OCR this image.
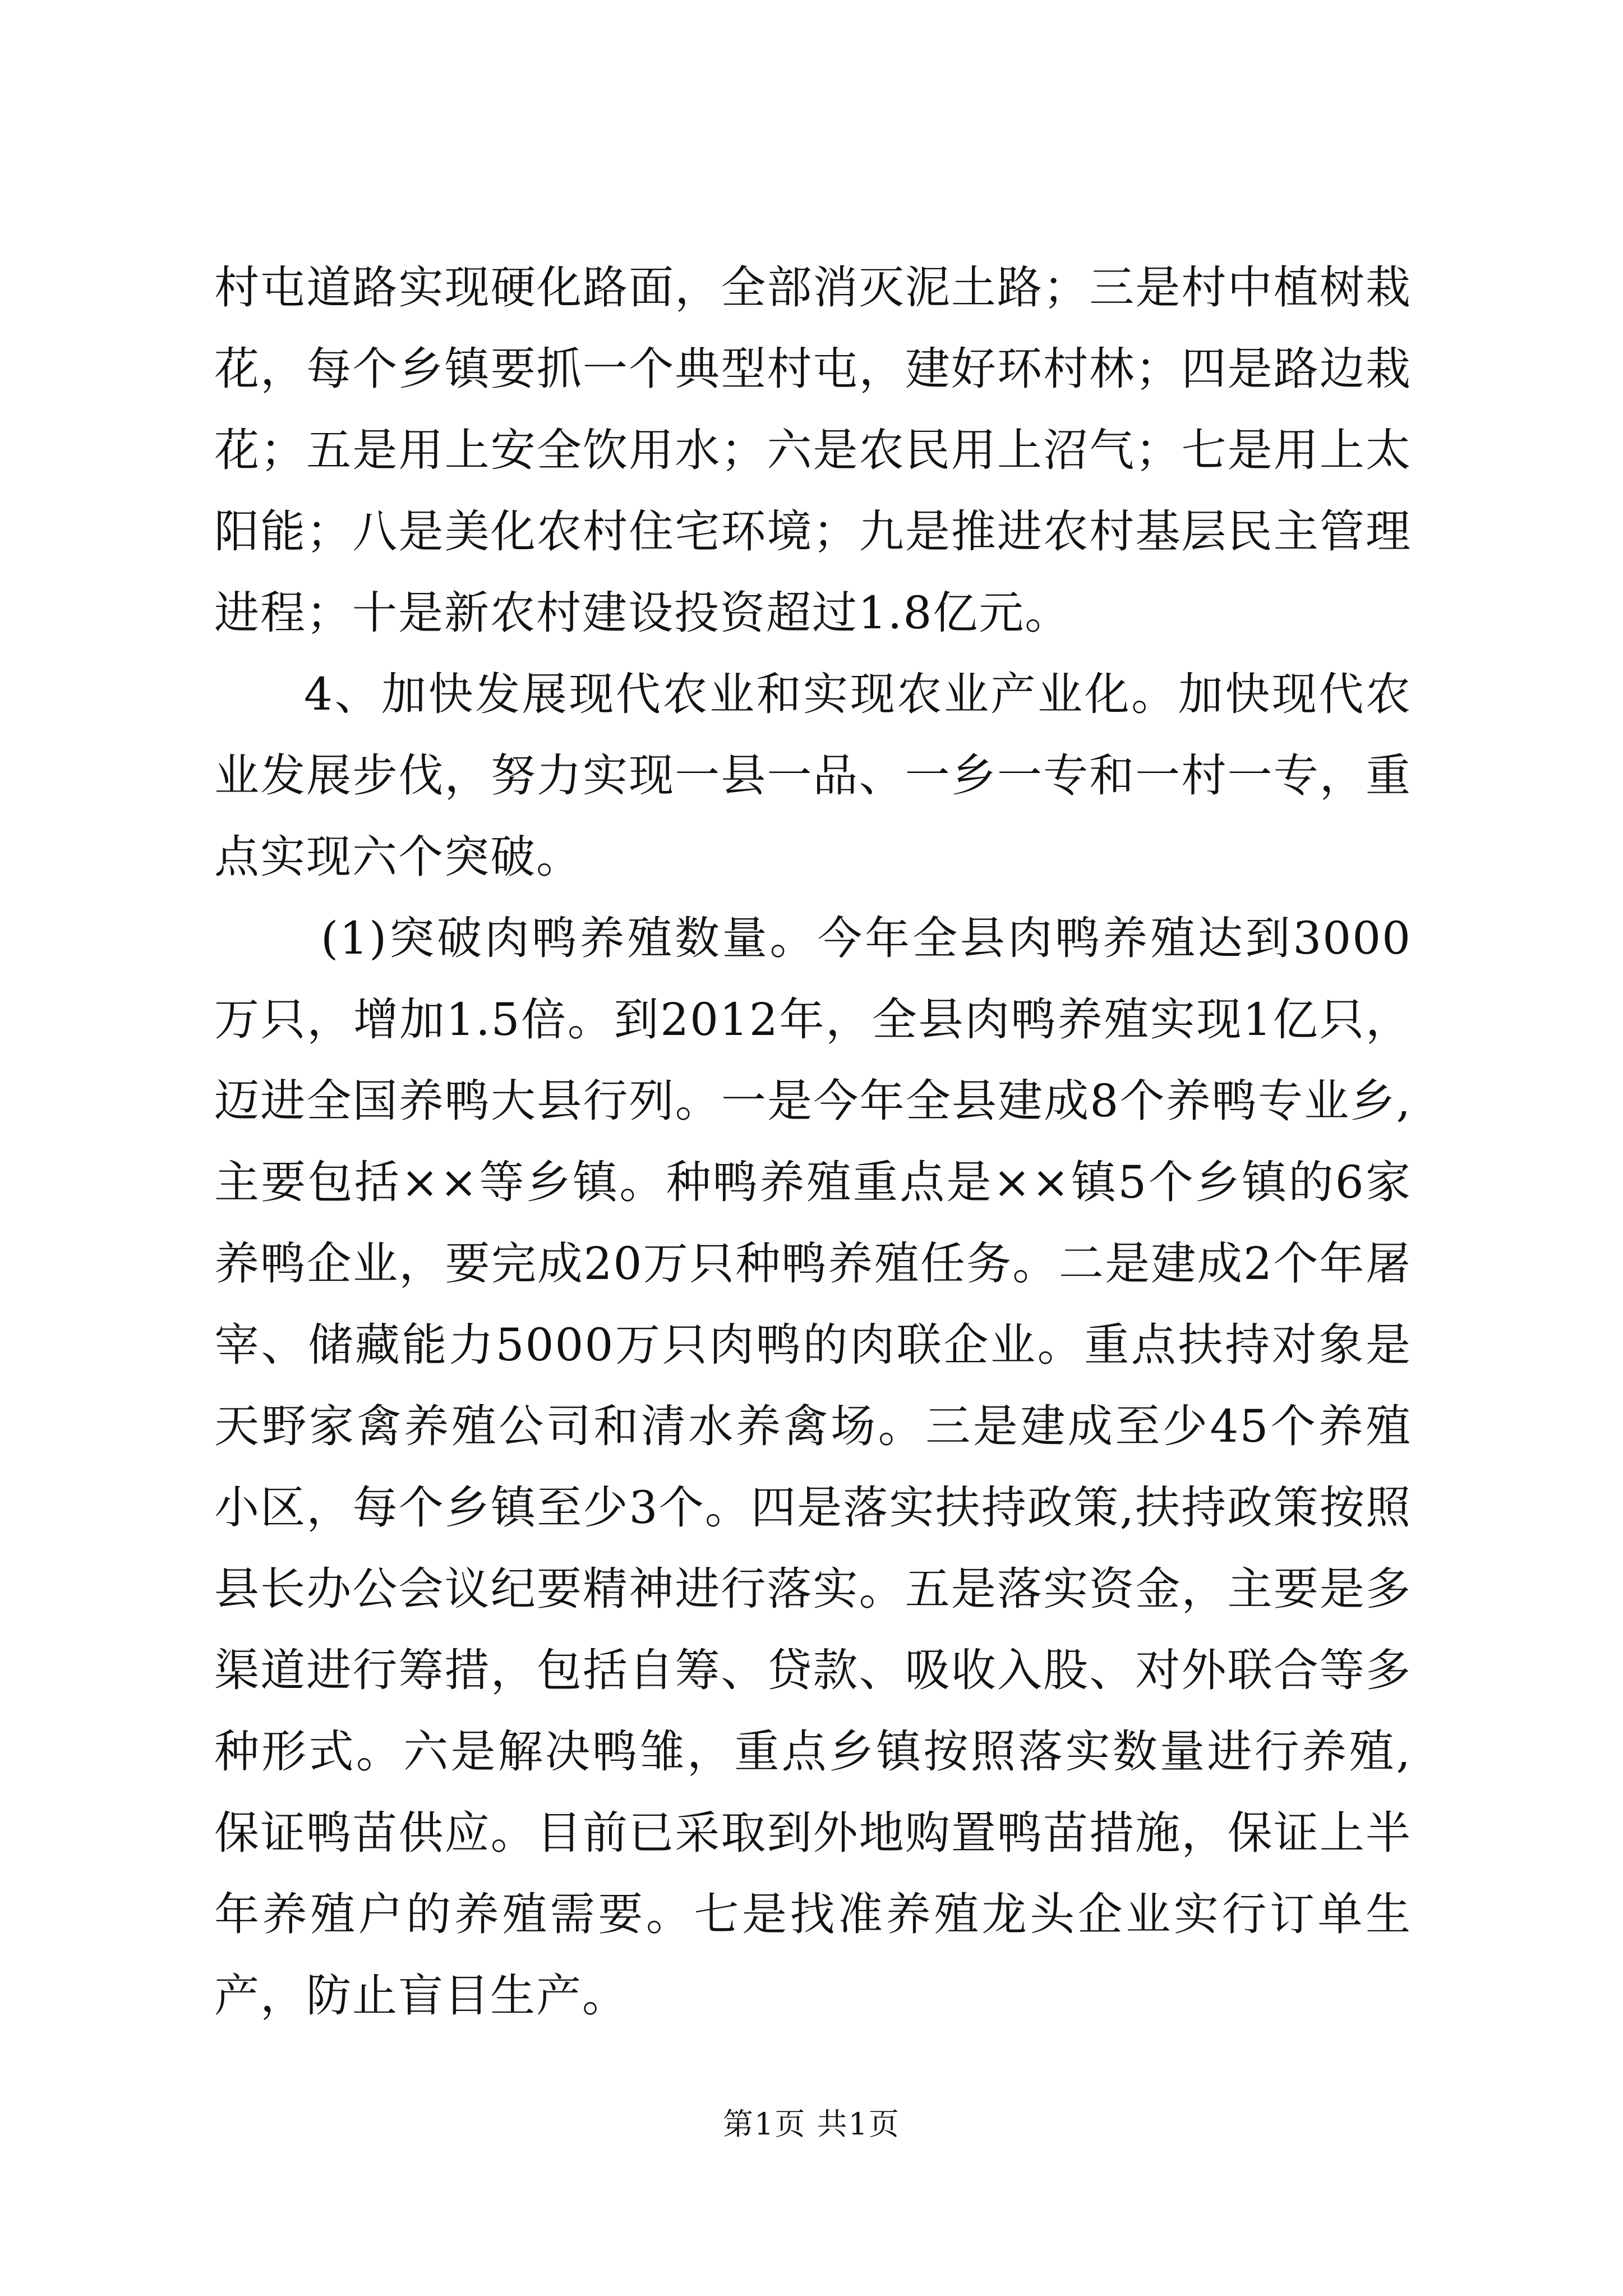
村屯道路实现硬化路面，全部消灭泥土路；三是村中植树栽花，每个乡镇要抓一个典型村屯，建好环村林；四是路边栽花；五是用上安全饮用水；六是农民用上沼气；七是用上太阳能；八是美化农村住宅环境；九是推进农村基层民主管理进程；十是新农村建设投资超过1.8亿元。

4、加快发展现代农业和实现农业产业化。加快现代农业发展步伐，努力实现一县一品、一乡一专和一村一专，重点实现六个突破。

(1)突破肉鸭养殖数量。今年全县肉鸭养殖达到3000万只，增加1.5倍。到2012年，全县肉鸭养殖实现1亿只，迈进全国养鸭大县行列。一是今年全县建成8个养鸭专业乡,主要包括××等乡镇。种鸭养殖重点是××镇5个乡镇的6家养鸭企业，要完成20万只种鸭养殖任务。二是建成2个年屠宰、储藏能力5000万只肉鸭的肉联企业。重点扶持对象是天野家禽养殖公司和清水养禽场。三是建成至少45个养殖小区，每个乡镇至少3个。四是落实扶持政策,扶持政策按照县长办公会议纪要精神进行落实。五是落实资金，主要是多渠道进行筹措，包括自筹、贷款、吸收入股、对外联合等多种形式。六是解决鸭雏，重点乡镇按照落实数量进行养殖,保证鸭苗供应。目前已采取到外地购置鸭苗措施，保证上半年养殖户的养殖需要。七是找准养殖龙头企业实行订单生产，防止盲目生产。

第1页 共1页
